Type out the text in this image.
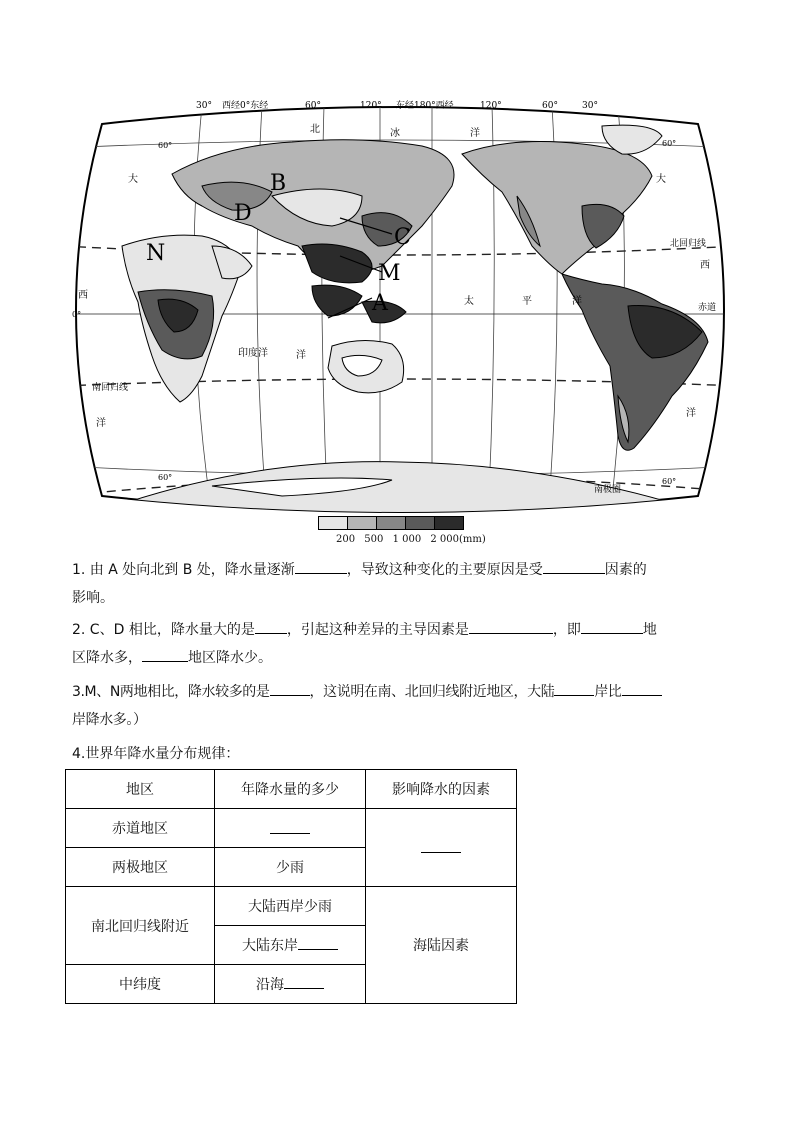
30° 西经0°东经	60°	120° 东经180°西经	120°	60°	30°
60°	60°
0°
60°	60°
北	冰	洋
大	大
西
洋
西
洋
太	平	洋
印度洋	洋
北回归线
赤道
南回归线
南极圈
B
D
C
N
M
A
200 500 1 000 2 000(mm)
1. 由 A 处向北到 B 处，降水量逐渐	，导致这种变化的主要原因是受	因素的
影响。
2. C、D 相比，降水量大的是 ，引起这种差异的主导因素是	，即	地
区降水多，	地区降水少。
3.M、N两地相比，降水较多的是	，这说明在南、北回归线附近地区，大陆	岸比
岸降水多。）
4.世界年降水量分布规律：
地区	年降水量的多少	影响降水的因素
赤道地区		
两极地区	少雨	
南北回归线附近	大陆西岸少雨	海陆因素
	大陆东岸	
中纬度	沿海	
